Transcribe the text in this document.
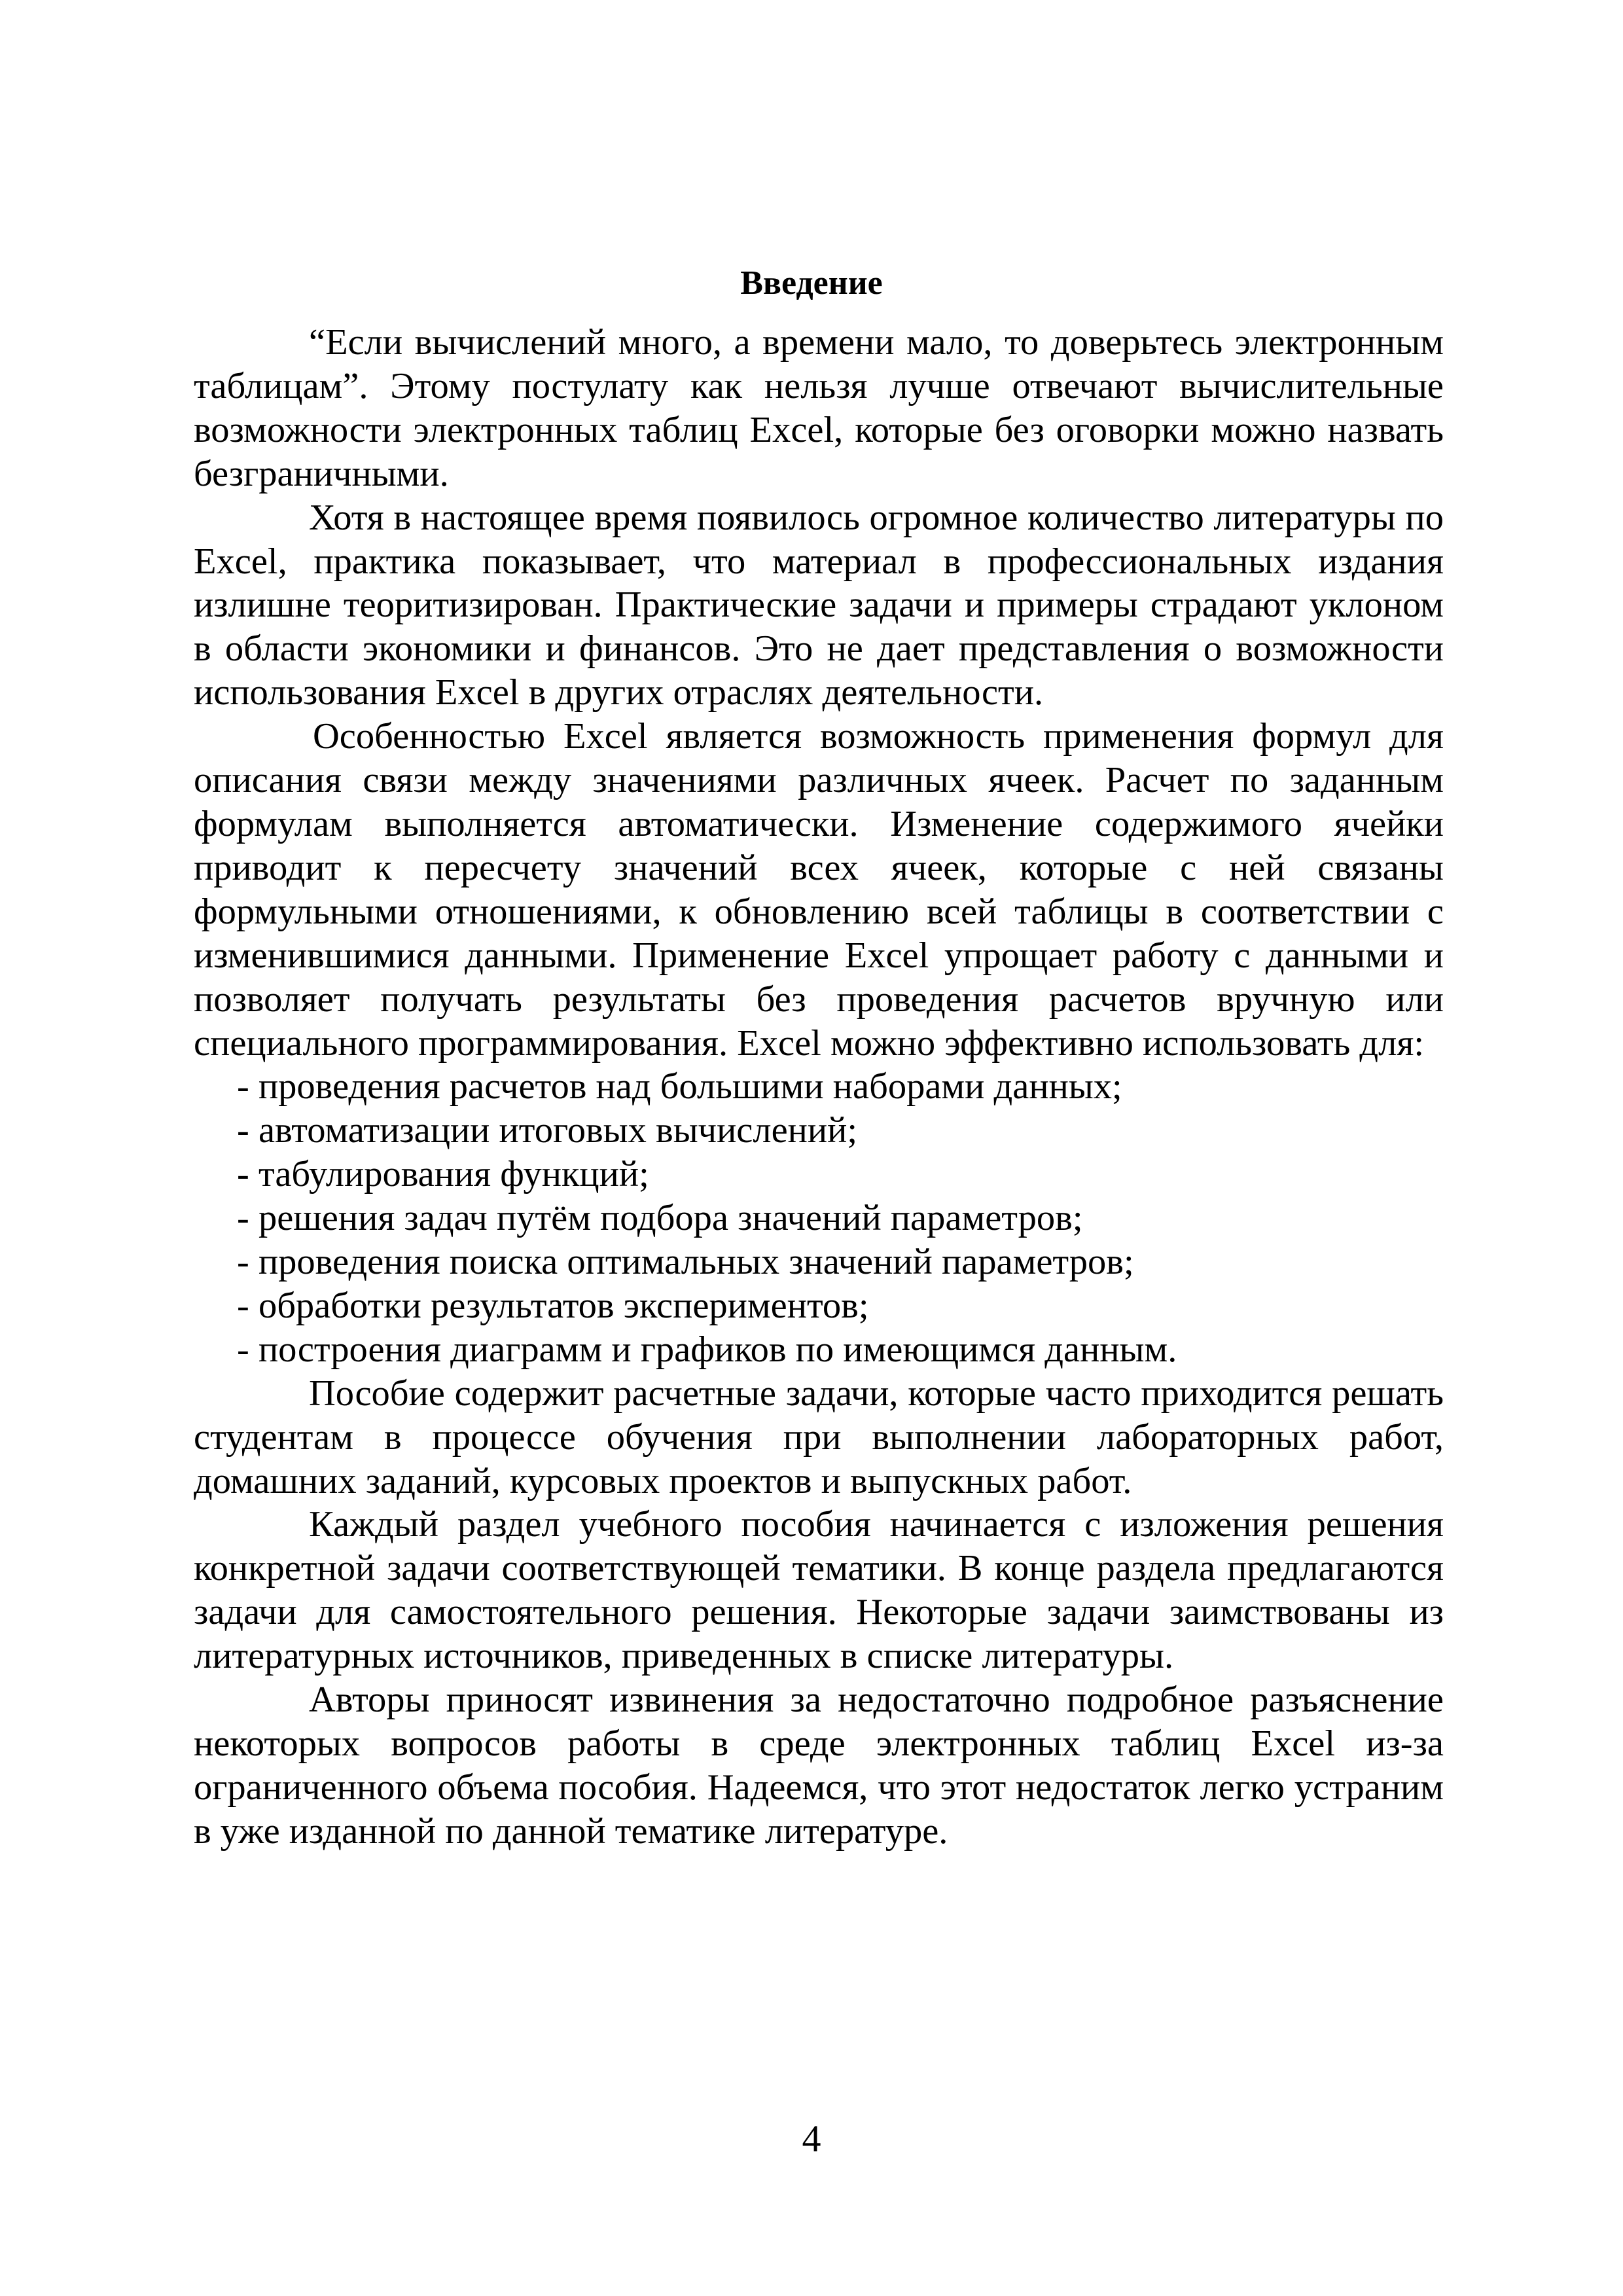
Введение

“Если вычислений много, а времени мало, то доверьтесь электронным таблицам”. Этому постулату как нельзя лучше отвечают вычислительные возможности электронных таблиц Excel, которые без оговорки можно назвать безграничными.

Хотя в настоящее время появилось огромное количество литературы по Excel, практика показывает, что материал в профессиональных издания излишне теоритизирован. Практические задачи и примеры страдают уклоном в области экономики и финансов. Это не дает представления о возможности использования Excel в других отраслях деятельности.

Особенностью Excel является возможность применения формул для описания связи между значениями различных ячеек. Расчет по заданным формулам выполняется автоматически. Изменение содержимого ячейки приводит к пересчету значений всех ячеек, которые с ней связаны формульными отношениями, к обновлению всей таблицы в соответствии с изменившимися данными. Применение Excel упрощает работу с данными и позволяет получать результаты без проведения расчетов вручную или специального программирования. Excel можно эффективно использовать для:

- проведения расчетов над большими наборами данных;
- автоматизации итоговых вычислений;
- табулирования функций;
- решения задач путём подбора значений параметров;
- проведения поиска оптимальных значений параметров;
- обработки результатов экспериментов;
- построения диаграмм и графиков по имеющимся данным.

Пособие содержит расчетные задачи, которые часто приходится решать студентам в процессе обучения при выполнении лабораторных работ, домашних заданий, курсовых проектов и выпускных работ.

Каждый раздел учебного пособия начинается с изложения решения конкретной задачи соответствующей тематики. В конце раздела предлагаются задачи для самостоятельного решения. Некоторые задачи заимствованы из литературных источников, приведенных в списке литературы.

Авторы приносят извинения за недостаточно подробное разъяснение некоторых вопросов работы в среде электронных таблиц Excel из-за ограниченного объема пособия. Надеемся, что этот недостаток легко устраним в уже изданной по данной тематике литературе.

4
